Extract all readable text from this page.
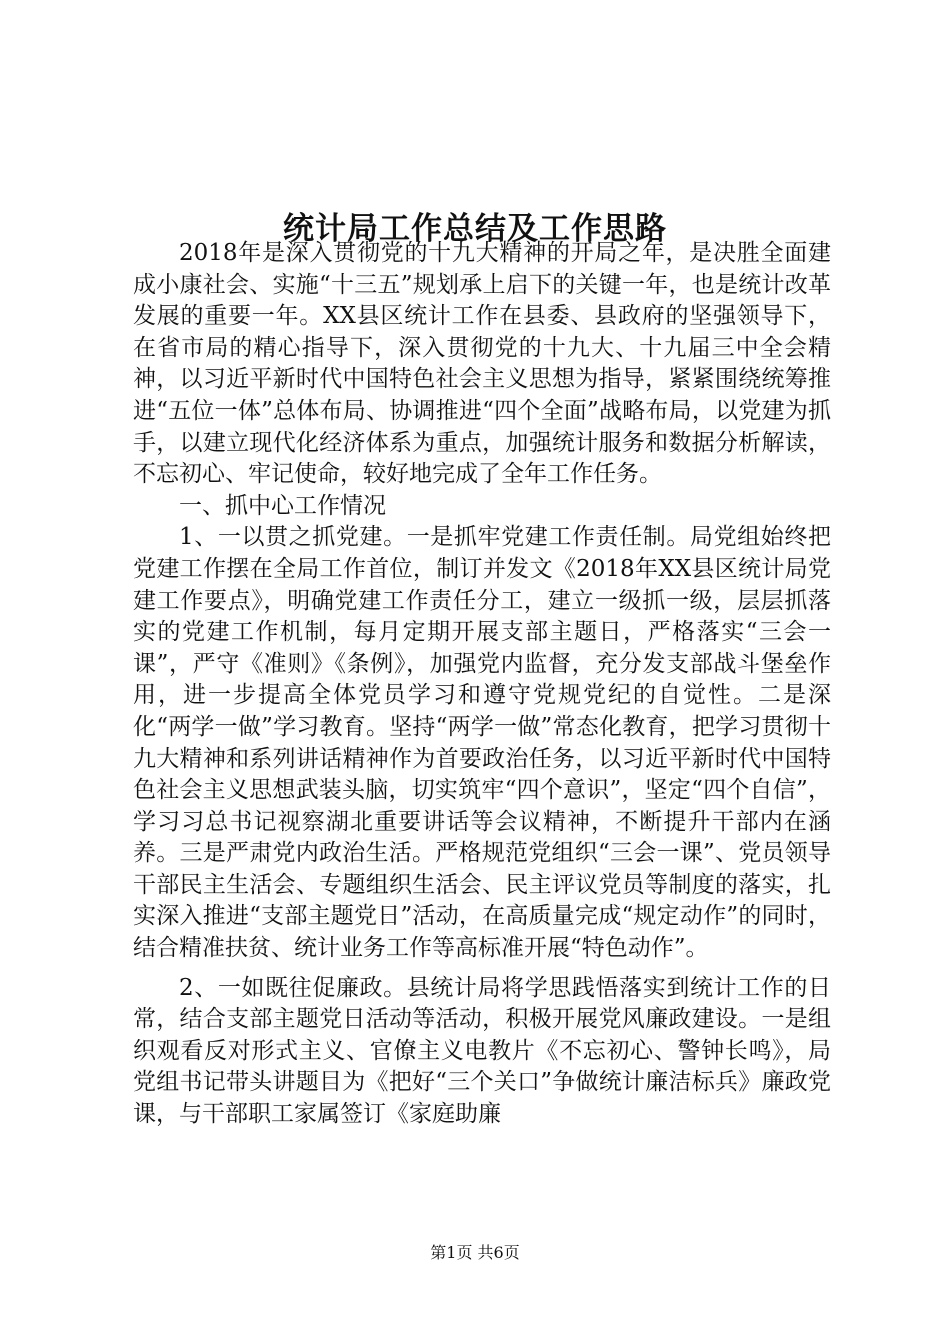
统计局工作总结及工作思路

2018年是深入贯彻党的十九大精神的开局之年，是决胜全面建成小康社会、实施“十三五”规划承上启下的关键一年，也是统计改革发展的重要一年。XX县区统计工作在县委、县政府的坚强领导下，在省市局的精心指导下，深入贯彻党的十九大、十九届三中全会精神，以习近平新时代中国特色社会主义思想为指导，紧紧围绕统筹推进“五位一体”总体布局、协调推进“四个全面”战略布局，以党建为抓手，以建立现代化经济体系为重点，加强统计服务和数据分析解读，不忘初心、牢记使命，较好地完成了全年工作任务。

一、抓中心工作情况

1、一以贯之抓党建。一是抓牢党建工作责任制。局党组始终把党建工作摆在全局工作首位，制订并发文《2018年XX县区统计局党建工作要点》，明确党建工作责任分工，建立一级抓一级，层层抓落实的党建工作机制，每月定期开展支部主题日，严格落实“三会一课”，严守《准则》《条例》，加强党内监督，充分发支部战斗堡垒作用，进一步提高全体党员学习和遵守党规党纪的自觉性。二是深化“两学一做”学习教育。坚持“两学一做”常态化教育，把学习贯彻十九大精神和系列讲话精神作为首要政治任务，以习近平新时代中国特色社会主义思想武装头脑，切实筑牢“四个意识”，坚定“四个自信”，学习习总书记视察湖北重要讲话等会议精神，不断提升干部内在涵养。三是严肃党内政治生活。严格规范党组织“三会一课”、党员领导干部民主生活会、专题组织生活会、民主评议党员等制度的落实，扎实深入推进“支部主题党日”活动，在高质量完成“规定动作”的同时，结合精准扶贫、统计业务工作等高标准开展“特色动作”。

2、一如既往促廉政。县统计局将学思践悟落实到统计工作的日常，结合支部主题党日活动等活动，积极开展党风廉政建设。一是组织观看反对形式主义、官僚主义电教片《不忘初心、警钟长鸣》，局党组书记带头讲题目为《把好“三个关口”争做统计廉洁标兵》廉政党课，与干部职工家属签订《家庭助廉

第1页 共6页
